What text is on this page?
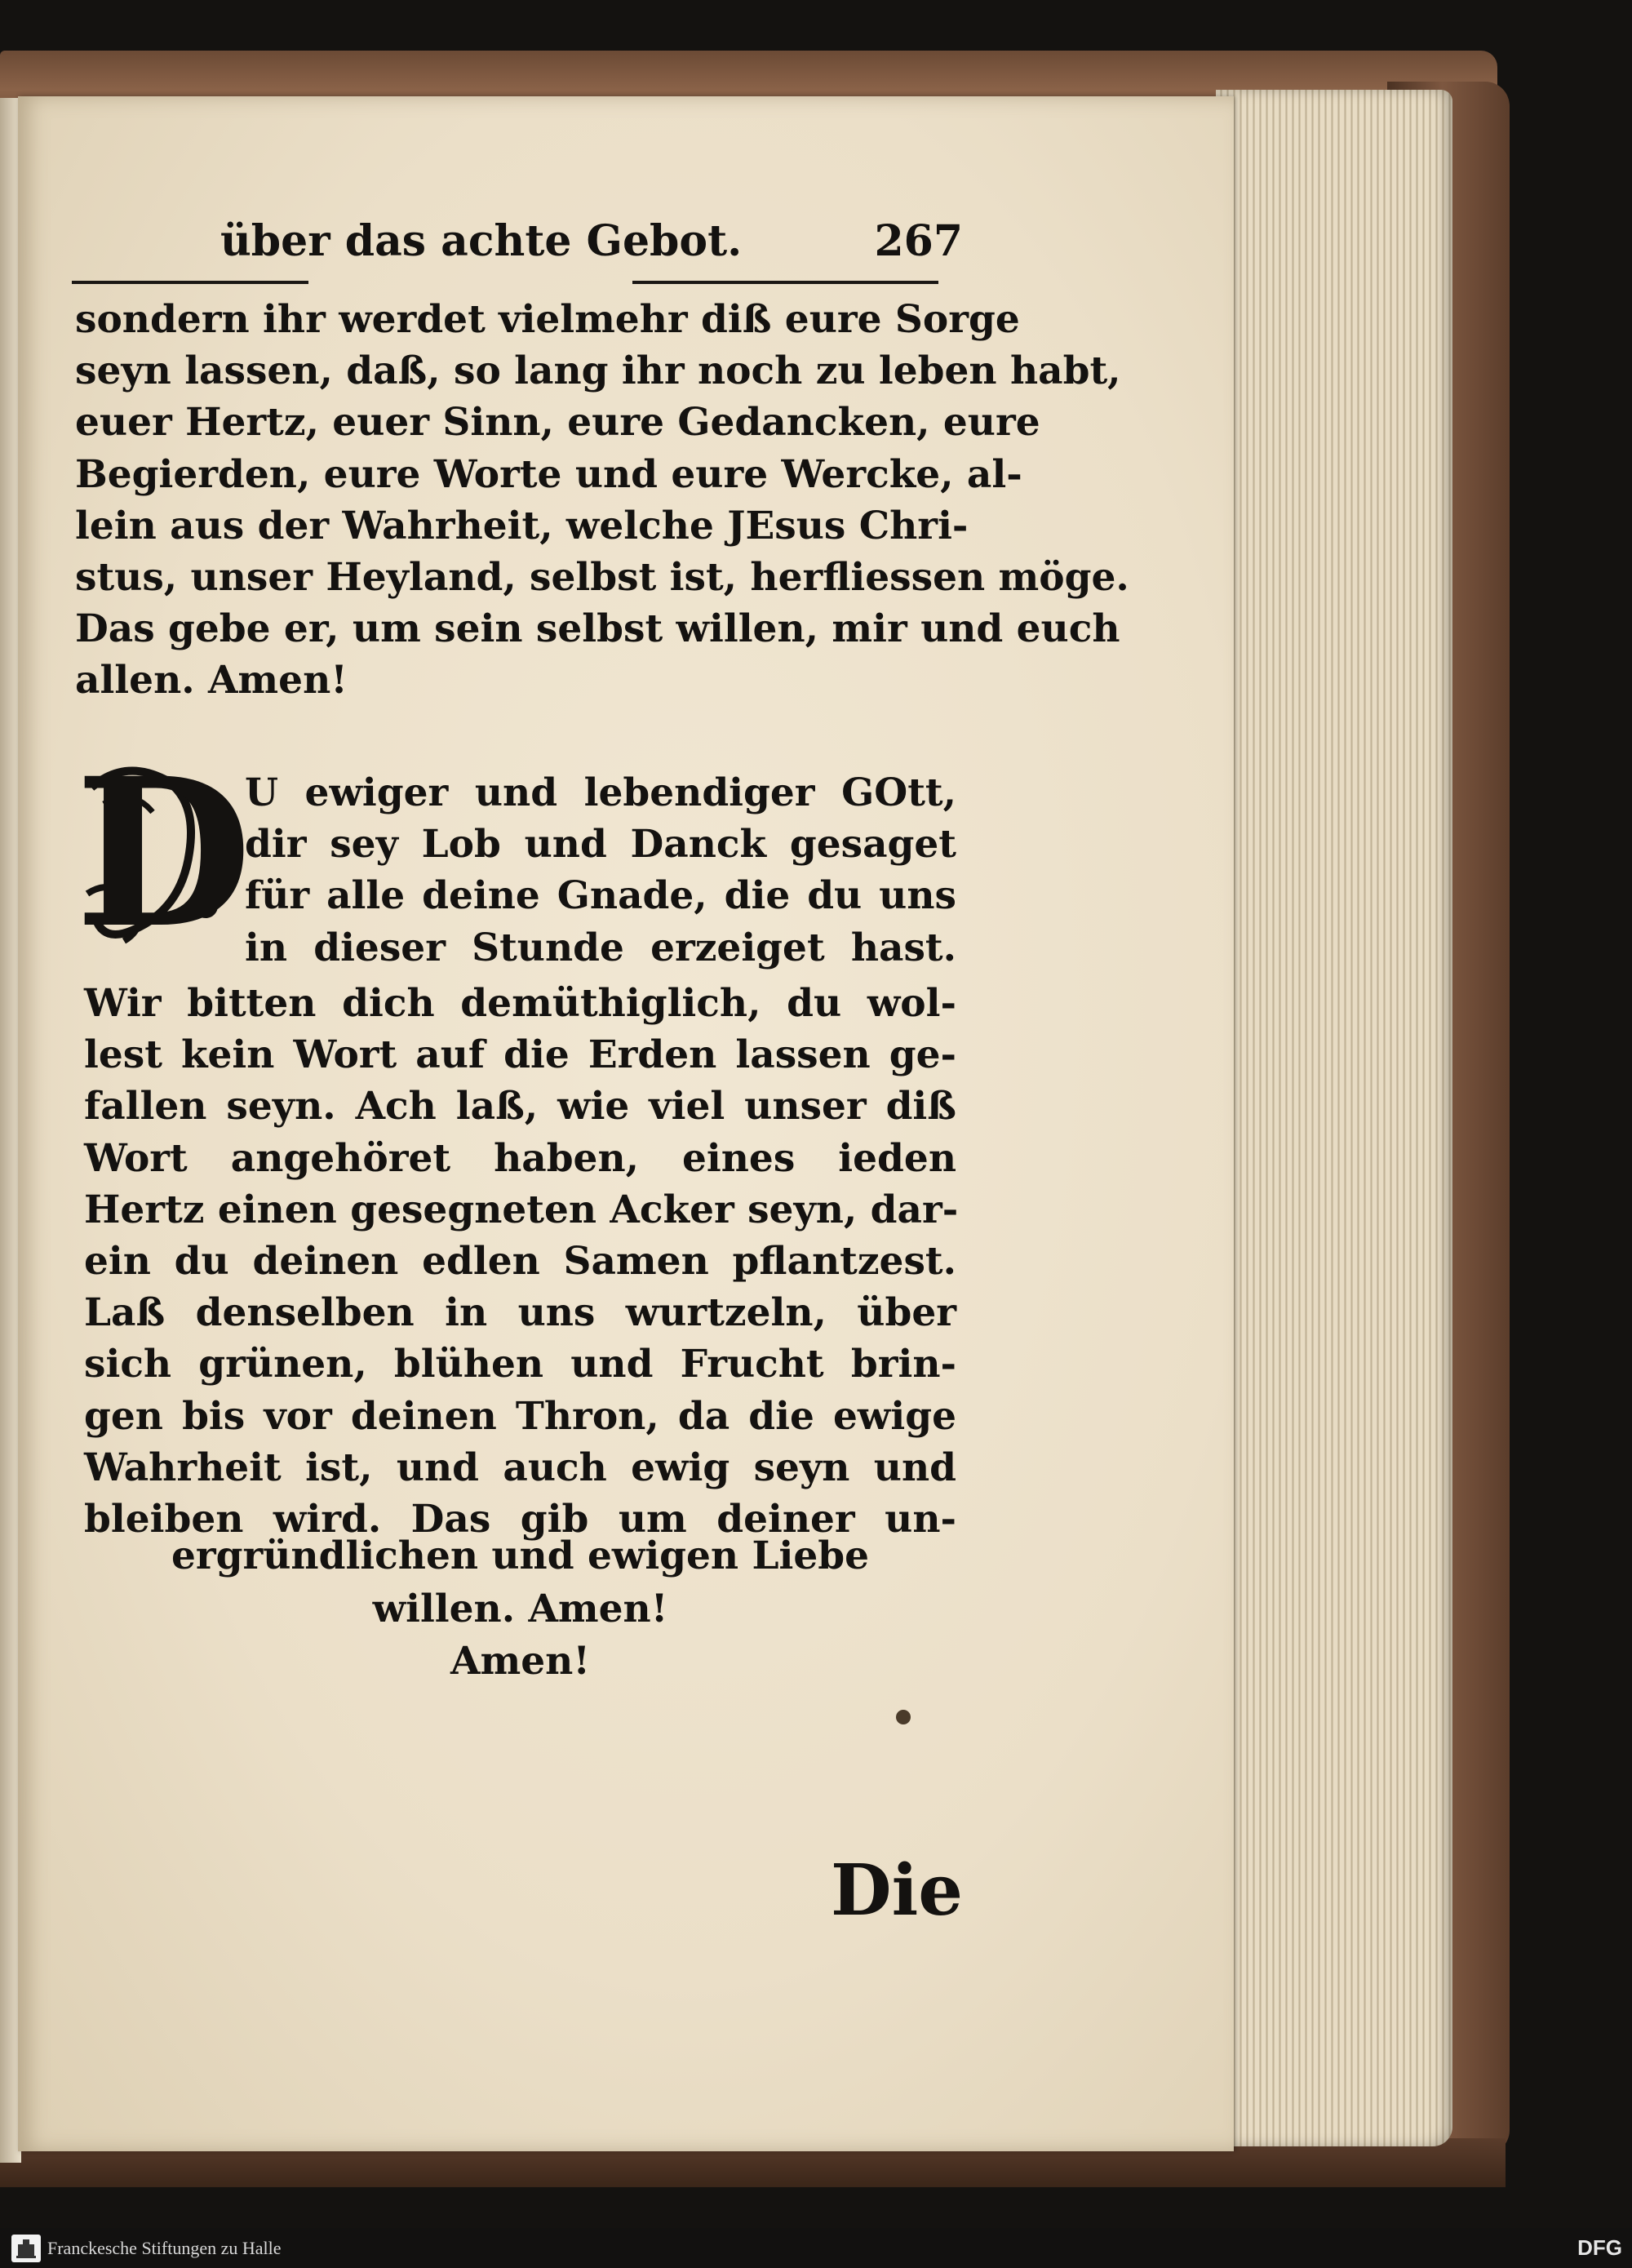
über das achte Gebot.	267
sondern ihr werdet vielmehr diß eure Sorge
seyn lassen, daß, so lang ihr noch zu leben habt,
euer Hertz, euer Sinn, eure Gedancken, eure
Begierden, eure Worte und eure Wercke, al-
lein aus der Wahrheit, welche JEsus Chri-
stus, unser Heyland, selbst ist, herfliessen möge.
Das gebe er, um sein selbst willen, mir und euch
allen. Amen!
D
U ewiger und lebendiger GOtt,
dir sey Lob und Danck gesaget
für alle deine Gnade, die du uns
in dieser Stunde erzeiget hast.
Wir bitten dich demüthiglich, du wol-
lest kein Wort auf die Erden lassen ge-
fallen seyn. Ach laß, wie viel unser diß
Wort angehöret haben, eines ieden
Hertz einen gesegneten Acker seyn, dar-
ein du deinen edlen Samen pflantzest.
Laß denselben in uns wurtzeln, über
sich grünen, blühen und Frucht brin-
gen bis vor deinen Thron, da die ewige
Wahrheit ist, und auch ewig seyn und
bleiben wird. Das gib um deiner un-
ergründlichen und ewigen Liebe
willen. Amen!
Amen!
Die
Franckesche Stiftungen zu Halle	DFG
